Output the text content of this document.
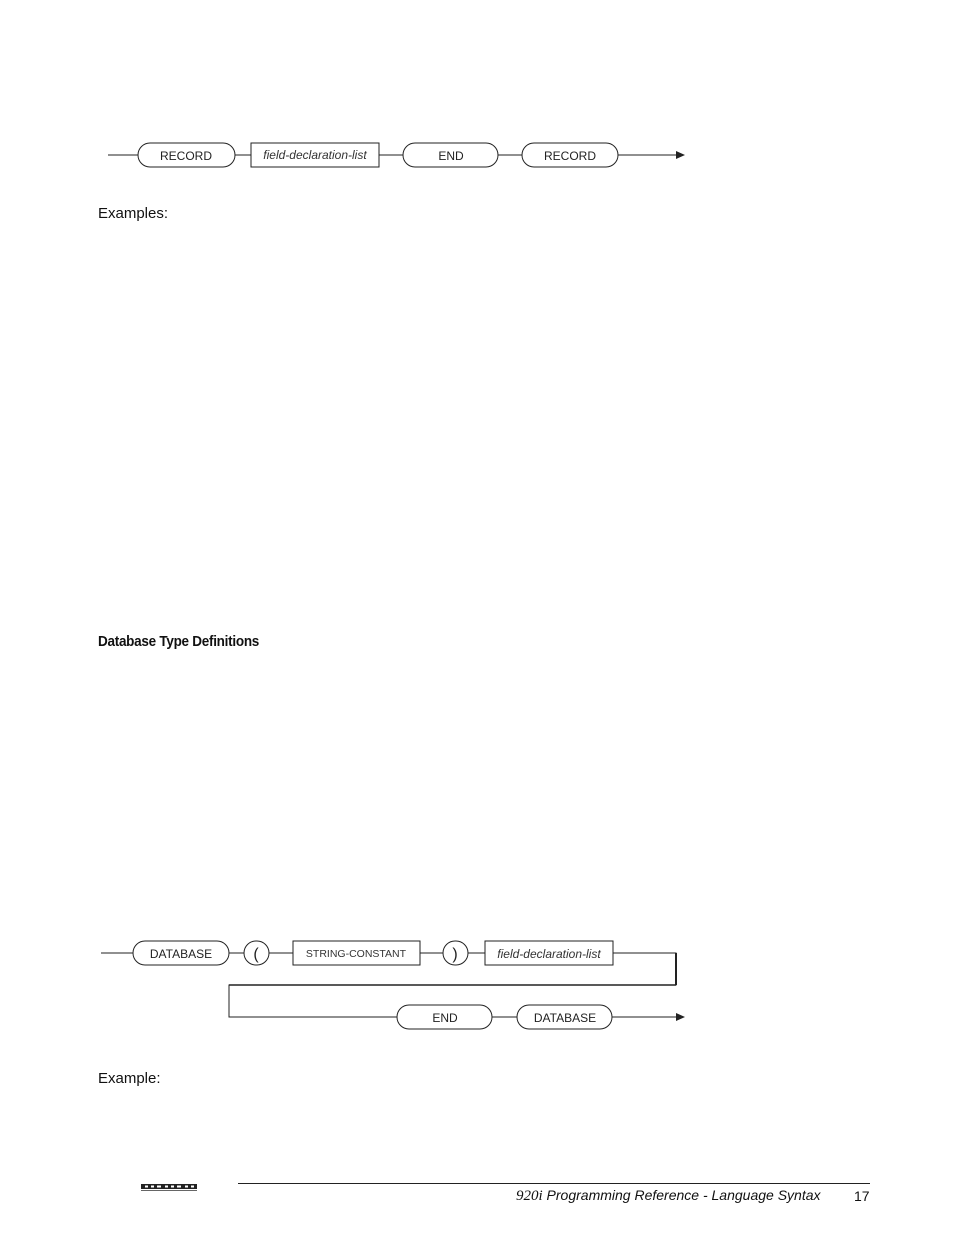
RECORD	field-declaration-list	END	RECORD
Examples:
Database Type Definitions
DATABASE	(	STRING-CONSTANT	)	field-declaration-list
END	DATABASE
Example:
920i Programming Reference - Language Syntax 17
